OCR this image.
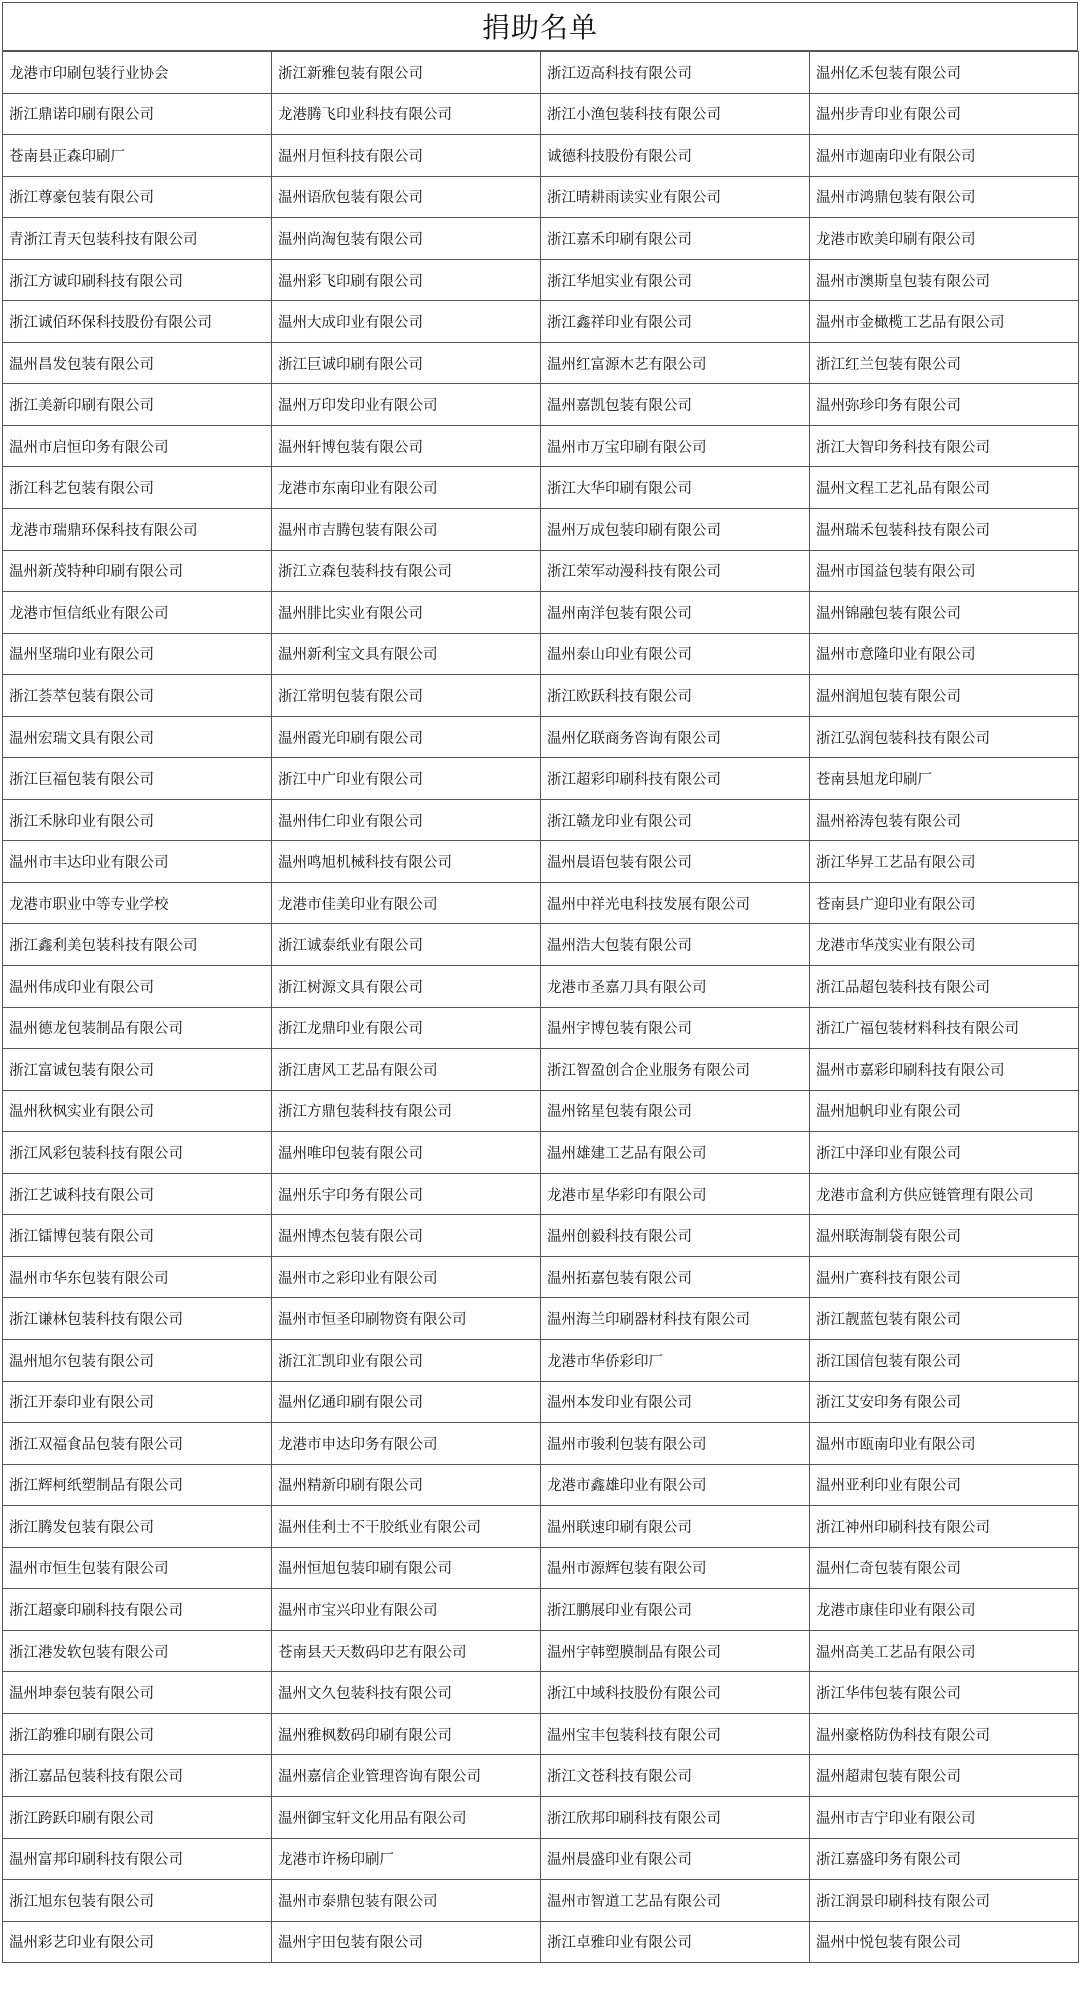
捐助名单
龙港市印刷包装行业协会	浙江新雅包装有限公司	浙江迈高科技有限公司	温州亿禾包装有限公司
浙江鼎诺印刷有限公司	龙港腾飞印业科技有限公司	浙江小渔包装科技有限公司	温州步青印业有限公司
苍南县正森印刷厂	温州月恒科技有限公司	诚德科技股份有限公司	温州市迦南印业有限公司
浙江尊豪包装有限公司	温州语欣包装有限公司	浙江晴耕雨读实业有限公司	温州市鸿鼎包装有限公司
青浙江青天包装科技有限公司	温州尚淘包装有限公司	浙江嘉禾印刷有限公司	龙港市欧美印刷有限公司
浙江方诚印刷科技有限公司	温州彩飞印刷有限公司	浙江华旭实业有限公司	温州市澳斯皇包装有限公司
浙江诚佰环保科技股份有限公司	温州大成印业有限公司	浙江鑫祥印业有限公司	温州市金橄榄工艺品有限公司
温州昌发包装有限公司	浙江巨诚印刷有限公司	温州红富源木艺有限公司	浙江红兰包装有限公司
浙江美新印刷有限公司	温州万印发印业有限公司	温州嘉凯包装有限公司	温州弥珍印务有限公司
温州市启恒印务有限公司	温州轩博包装有限公司	温州市万宝印刷有限公司	浙江大智印务科技有限公司
浙江科艺包装有限公司	龙港市东南印业有限公司	浙江大华印刷有限公司	温州文程工艺礼品有限公司
龙港市瑞鼎环保科技有限公司	温州市吉腾包装有限公司	温州万成包装印刷有限公司	温州瑞禾包装科技有限公司
温州新茂特种印刷有限公司	浙江立森包装科技有限公司	浙江荣军动漫科技有限公司	温州市国益包装有限公司
龙港市恒信纸业有限公司	温州腓比实业有限公司	温州南洋包装有限公司	温州锦融包装有限公司
温州坚瑞印业有限公司	温州新利宝文具有限公司	温州泰山印业有限公司	温州市意隆印业有限公司
浙江荟萃包装有限公司	浙江常明包装有限公司	浙江欧跃科技有限公司	温州润旭包装有限公司
温州宏瑞文具有限公司	温州霞光印刷有限公司	温州亿联商务咨询有限公司	浙江弘润包装科技有限公司
浙江巨福包装有限公司	浙江中广印业有限公司	浙江超彩印刷科技有限公司	苍南县旭龙印刷厂
浙江禾脉印业有限公司	温州伟仁印业有限公司	浙江赣龙印业有限公司	温州裕涛包装有限公司
温州市丰达印业有限公司	温州鸣旭机械科技有限公司	温州晨语包装有限公司	浙江华昇工艺品有限公司
龙港市职业中等专业学校	龙港市佳美印业有限公司	温州中祥光电科技发展有限公司	苍南县广迎印业有限公司
浙江鑫利美包装科技有限公司	浙江诚泰纸业有限公司	温州浩大包装有限公司	龙港市华茂实业有限公司
温州伟成印业有限公司	浙江树源文具有限公司	龙港市圣嘉刀具有限公司	浙江品超包装科技有限公司
温州德龙包装制品有限公司	浙江龙鼎印业有限公司	温州宇博包装有限公司	浙江广福包装材料科技有限公司
浙江富诚包装有限公司	浙江唐风工艺品有限公司	浙江智盈创合企业服务有限公司	温州市嘉彩印刷科技有限公司
温州秋枫实业有限公司	浙江方鼎包装科技有限公司	温州铭星包装有限公司	温州旭帆印业有限公司
浙江风彩包装科技有限公司	温州唯印包装有限公司	温州雄建工艺品有限公司	浙江中泽印业有限公司
浙江艺诚科技有限公司	温州乐宇印务有限公司	龙港市星华彩印有限公司	龙港市盒利方供应链管理有限公司
浙江镭博包装有限公司	温州博杰包装有限公司	温州创毅科技有限公司	温州联海制袋有限公司
温州市华东包装有限公司	温州市之彩印业有限公司	温州拓嘉包装有限公司	温州广赛科技有限公司
浙江谦林包装科技有限公司	温州市恒圣印刷物资有限公司	温州海兰印刷器材科技有限公司	浙江靓蓝包装有限公司
温州旭尔包装有限公司	浙江汇凯印业有限公司	龙港市华侨彩印厂	浙江国信包装有限公司
浙江开泰印业有限公司	温州亿通印刷有限公司	温州本发印业有限公司	浙江艾安印务有限公司
浙江双福食品包装有限公司	龙港市申达印务有限公司	温州市骏利包装有限公司	温州市瓯南印业有限公司
浙江辉柯纸塑制品有限公司	温州精新印刷有限公司	龙港市鑫雄印业有限公司	温州亚利印业有限公司
浙江腾发包装有限公司	温州佳利士不干胶纸业有限公司	温州联速印刷有限公司	浙江神州印刷科技有限公司
温州市恒生包装有限公司	温州恒旭包装印刷有限公司	温州市源辉包装有限公司	温州仁奇包装有限公司
浙江超豪印刷科技有限公司	温州市宝兴印业有限公司	浙江鹏展印业有限公司	龙港市康佳印业有限公司
浙江港发软包装有限公司	苍南县天天数码印艺有限公司	温州宇韩塑膜制品有限公司	温州高美工艺品有限公司
温州坤泰包装有限公司	温州文久包装科技有限公司	浙江中域科技股份有限公司	浙江华伟包装有限公司
浙江韵雅印刷有限公司	温州雅枫数码印刷有限公司	温州宝丰包装科技有限公司	温州豪格防伪科技有限公司
浙江嘉品包装科技有限公司	温州嘉信企业管理咨询有限公司	浙江文苍科技有限公司	温州超肃包装有限公司
浙江跨跃印刷有限公司	温州御宝轩文化用品有限公司	浙江欣邦印刷科技有限公司	温州市吉宁印业有限公司
温州富邦印刷科技有限公司	龙港市许杨印刷厂	温州晨盛印业有限公司	浙江嘉盛印务有限公司
浙江旭东包装有限公司	温州市泰鼎包装有限公司	温州市智道工艺品有限公司	浙江润景印刷科技有限公司
温州彩艺印业有限公司	温州宇田包装有限公司	浙江卓雅印业有限公司	温州中悦包装有限公司
